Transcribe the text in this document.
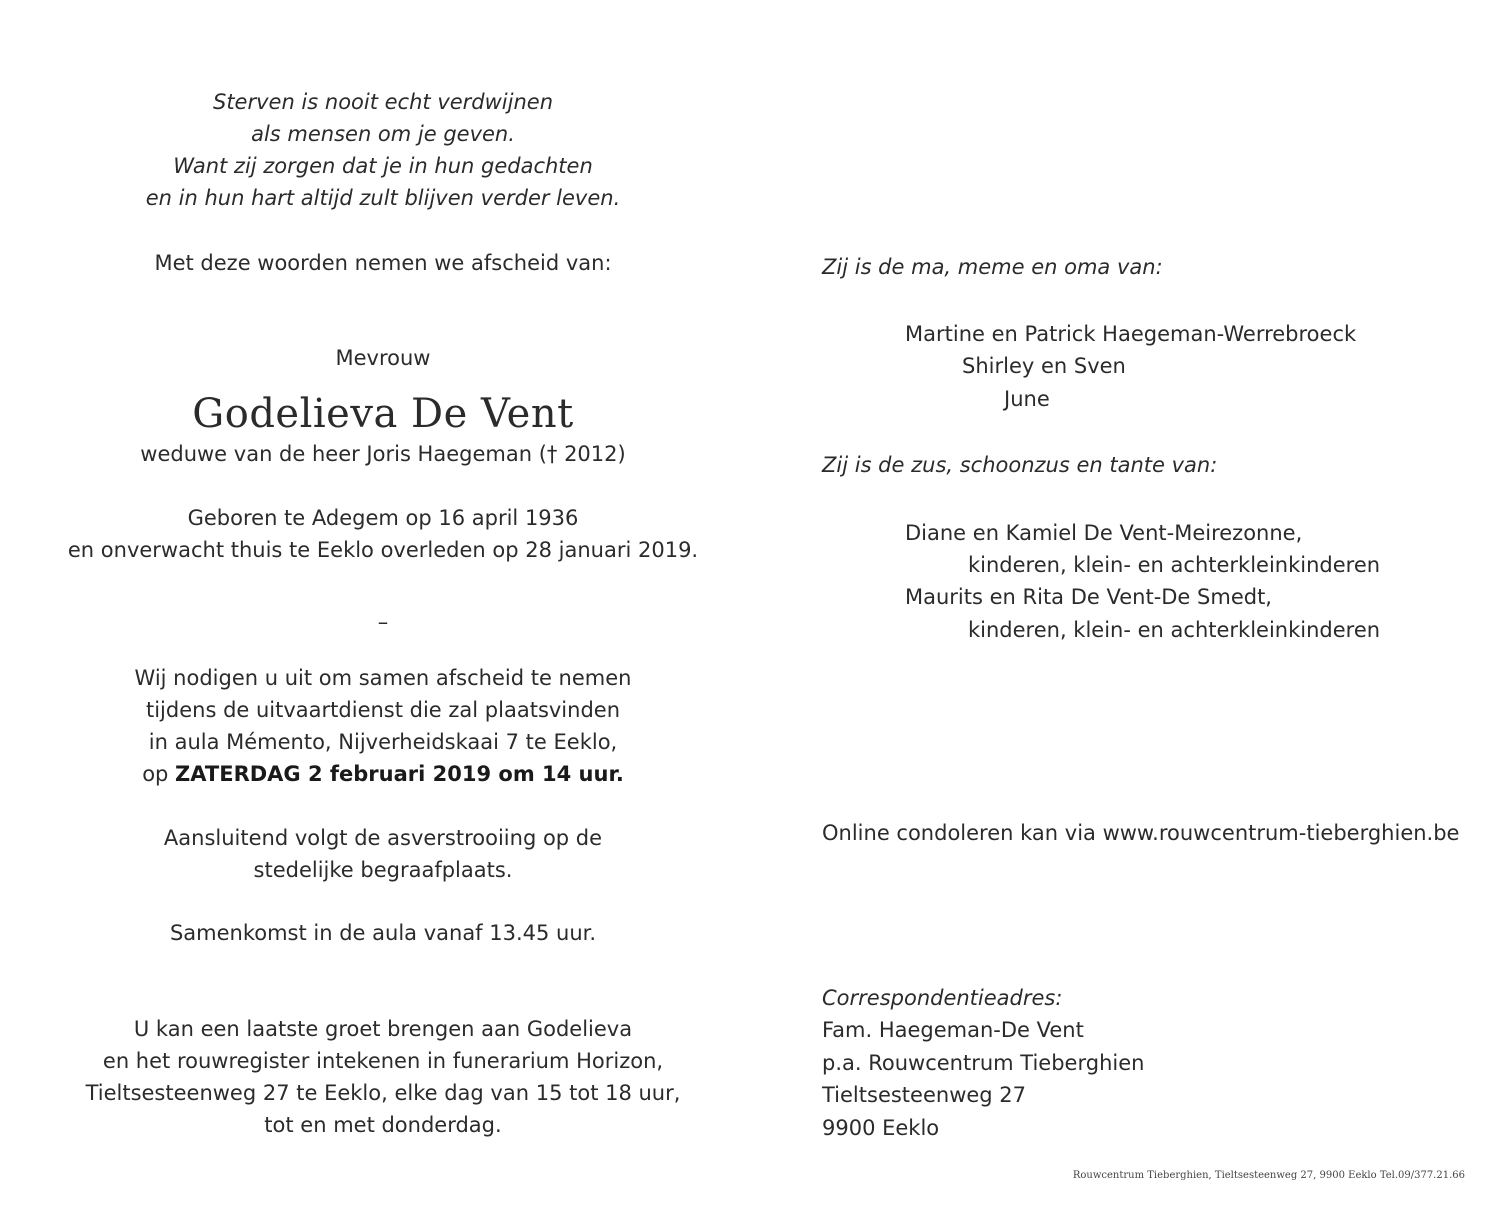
Sterven is nooit echt verdwijnen
als mensen om je geven.
Want zij zorgen dat je in hun gedachten
en in hun hart altijd zult blijven verder leven.
Met deze woorden nemen we afscheid van:
Mevrouw
Godelieva De Vent
weduwe van de heer Joris Haegeman († 2012)
Geboren te Adegem op 16 april 1936
en onverwacht thuis te Eeklo overleden op 28 januari 2019.
–
Wij nodigen u uit om samen afscheid te nemen
tijdens de uitvaartdienst die zal plaatsvinden
in aula Mémento, Nijverheidskaai 7 te Eeklo,
op ZATERDAG 2 februari 2019 om 14 uur.
Aansluitend volgt de asverstrooiing op de
stedelijke begraafplaats.
Samenkomst in de aula vanaf 13.45 uur.
U kan een laatste groet brengen aan Godelieva
en het rouwregister intekenen in funerarium Horizon,
Tieltsesteenweg 27 te Eeklo, elke dag van 15 tot 18 uur,
tot en met donderdag.
Zij is de ma, meme en oma van:
Martine en Patrick Haegeman-Werrebroeck
Shirley en Sven
June
Zij is de zus, schoonzus en tante van:
Diane en Kamiel De Vent-Meirezonne,
kinderen, klein- en achterkleinkinderen
Maurits en Rita De Vent-De Smedt,
kinderen, klein- en achterkleinkinderen
Online condoleren kan via www.rouwcentrum-tieberghien.be
Correspondentieadres:
Fam. Haegeman-De Vent
p.a. Rouwcentrum Tieberghien
Tieltsesteenweg 27
9900 Eeklo
Rouwcentrum Tieberghien, Tieltsesteenweg 27, 9900 Eeklo Tel.09/377.21.66
